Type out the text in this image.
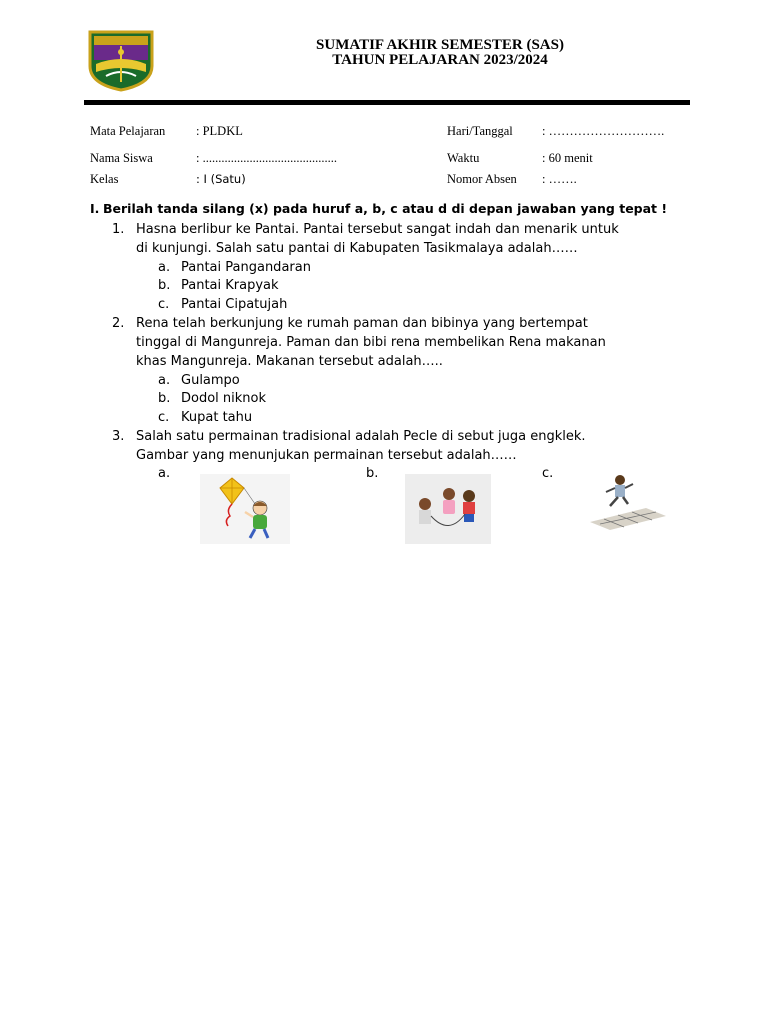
SUMATIF AKHIR SEMESTER (SAS)
TAHUN PELAJARAN 2023/2024
Mata Pelajaran : PLDKL	Hari/Tanggal : ……………………….
Nama Siswa	: ...........................................	Waktu	: 60 menit
Kelas	: I (Satu)	Nomor Absen : …….
I. Berilah tanda silang (x) pada huruf a, b, c atau d di depan jawaban yang tepat !
1. Hasna berlibur ke Pantai. Pantai tersebut sangat indah dan menarik untuk
di kunjungi. Salah satu pantai di Kabupaten Tasikmalaya adalah……
a. Pantai Pangandaran
b. Pantai Krapyak
c. Pantai Cipatujah
2. Rena telah berkunjung ke rumah paman dan bibinya yang bertempat
tinggal di Mangunreja. Paman dan bibi rena membelikan Rena makanan
khas Mangunreja. Makanan tersebut adalah…..
a. Gulampo
b. Dodol niknok
c. Kupat tahu
3. Salah satu permainan tradisional adalah Pecle di sebut juga engklek.
Gambar yang menunjukan permainan tersebut adalah……
a.	b.	c.
